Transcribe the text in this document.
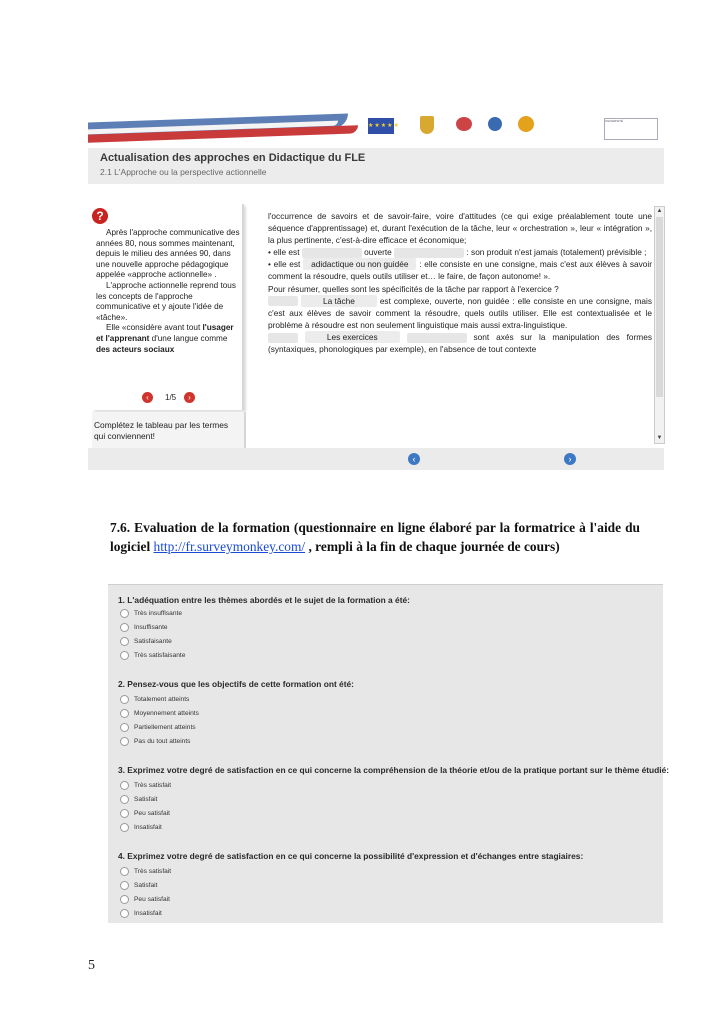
★★★★★
UNIVERSITÉ
Actualisation des approches en Didactique du FLE
2.1 L'Approche ou la perspective actionnelle
?

Après l'approche communicative des années 80, nous sommes maintenant, depuis le milieu des années 90, dans une nouvelle approche pédagogique appelée «approche actionnelle» .

L'approche actionnelle reprend tous les concepts de l'approche communicative et y ajoute l'idée de «tâche».

Elle «considère avant tout l'usager et l'apprenant d'une langue comme des acteurs sociaux

‹	1/5	›
Complétez le tableau par les termes qui conviennent!

l'occurrence de savoirs et de savoir-faire, voire d'attitudes (ce qui exige préalablement toute une séquence d'apprentissage) et, durant l'exécution de la tâche, leur « orchestration », leur « intégration », la plus pertinente, c'est-à-dire efficace et économique;

• elle est	ouverte	: son produit n'est jamais (totalement) prévisible ;

• elle est adidactique ou non guidée : elle consiste en une consigne, mais c'est aux élèves à savoir comment la résoudre, quels outils utiliser et… le faire, de façon autonome! ».

Pour résumer, quelles sont les spécificités de la tâche par rapport à l'exercice ?

La tâche	est complexe, ouverte, non guidée : elle consiste en une consigne, mais c'est aux élèves de savoir comment la résoudre, quels outils utiliser. Elle est contextualisée et le problème à résoudre est non seulement linguistique mais aussi extra-linguistique.

Les exercices	sont axés sur la manipulation des formes (syntaxiques, phonologiques par exemple), en l'absence de tout contexte

▲
▼
‹	›
7.6. Evaluation de la formation (questionnaire en ligne élaboré par la formatrice à l'aide du logiciel http://fr.surveymonkey.com/ , rempli à la fin de chaque journée de cours)
1. L'adéquation entre les thèmes abordés et le sujet de la formation a été:
Très insuffisante
Insuffisante
Satisfaisante
Très satisfaisante
2. Pensez-vous que les objectifs de cette formation ont été:
Totalement atteints
Moyennement atteints
Partiellement atteints
Pas du tout atteints
3. Exprimez votre degré de satisfaction en ce qui concerne la compréhension de la théorie et/ou de la pratique portant sur le thème étudié:
Très satisfait
Satisfait
Peu satisfait
Insatisfait
4. Exprimez votre degré de satisfaction en ce qui concerne la possibilité d'expression et d'échanges entre stagiaires:
Très satisfait
Satisfait
Peu satisfait
Insatisfait
5
